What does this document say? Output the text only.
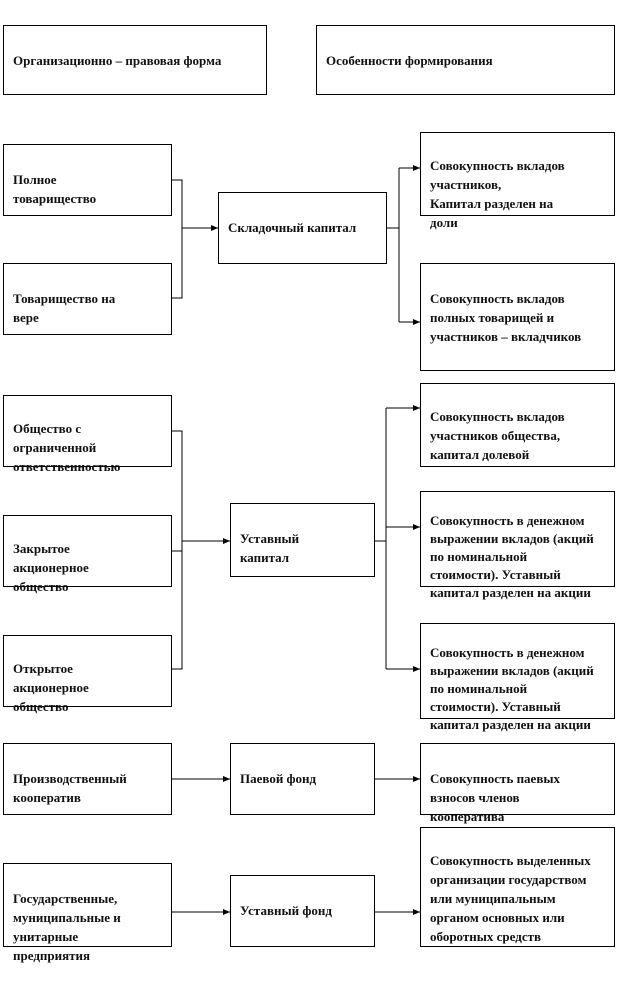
Организационно – правовая форма	Особенности формирования

Полное
товарищество

Товарищество на
вере

Складочный капитал

Совокупность вкладов
участников,
Капитал разделен на
доли

Совокупность вкладов
полных товарищей и
участников – вкладчиков

Общество с
ограниченной
ответственностью

Закрытое
акционерное
общество

Открытое
акционерное
общество

Уставный
капитал

Совокупность вкладов
участников общества,
капитал долевой

Совокупность в денежном
выражении вкладов (акций
по номинальной
стоимости). Уставный
капитал разделен на акции

Совокупность в денежном
выражении вкладов (акций
по номинальной
стоимости). Уставный
капитал разделен на акции

Производственный
кооператив

Паевой фонд	Совокупность паевых
взносов членов
кооператива

Государственные,
муниципальные и
унитарные
предприятия

Уставный фонд

Совокупность выделенных
организации государством
или муниципальным
органом основных или
оборотных средств
